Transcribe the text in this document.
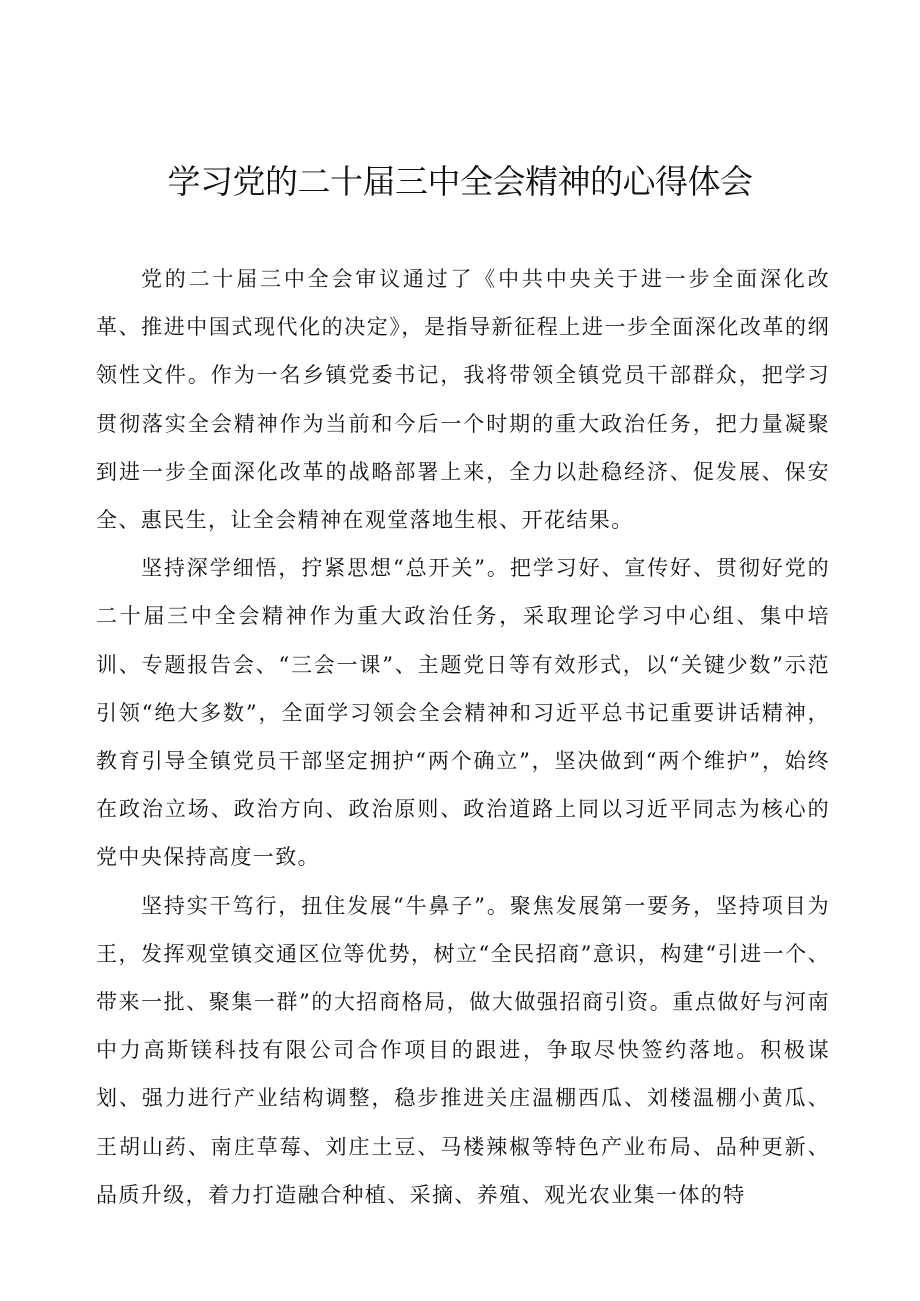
学习党的二十届三中全会精神的心得体会

党的二十届三中全会审议通过了《中共中央关于进一步全面深化改革、推进中国式现代化的决定》，是指导新征程上进一步全面深化改革的纲领性文件。作为一名乡镇党委书记，我将带领全镇党员干部群众，把学习贯彻落实全会精神作为当前和今后一个时期的重大政治任务，把力量凝聚到进一步全面深化改革的战略部署上来，全力以赴稳经济、促发展、保安全、惠民生，让全会精神在观堂落地生根、开花结果。

坚持深学细悟，拧紧思想“总开关”。把学习好、宣传好、贯彻好党的二十届三中全会精神作为重大政治任务，采取理论学习中心组、集中培训、专题报告会、“三会一课”、主题党日等有效形式，以“关键少数”示范引领“绝大多数”，全面学习领会全会精神和习近平总书记重要讲话精神，教育引导全镇党员干部坚定拥护“两个确立”，坚决做到“两个维护”，始终在政治立场、政治方向、政治原则、政治道路上同以习近平同志为核心的党中央保持高度一致。

坚持实干笃行，扭住发展“牛鼻子”。聚焦发展第一要务，坚持项目为王，发挥观堂镇交通区位等优势，树立“全民招商”意识，构建“引进一个、带来一批、聚集一群”的大招商格局，做大做强招商引资。重点做好与河南中力高斯镁科技有限公司合作项目的跟进，争取尽快签约落地。积极谋划、强力进行产业结构调整，稳步推进关庄温棚西瓜、刘楼温棚小黄瓜、王胡山药、南庄草莓、刘庄土豆、马楼辣椒等特色产业布局、品种更新、品质升级，着力打造融合种植、采摘、养殖、观光农业集一体的特
